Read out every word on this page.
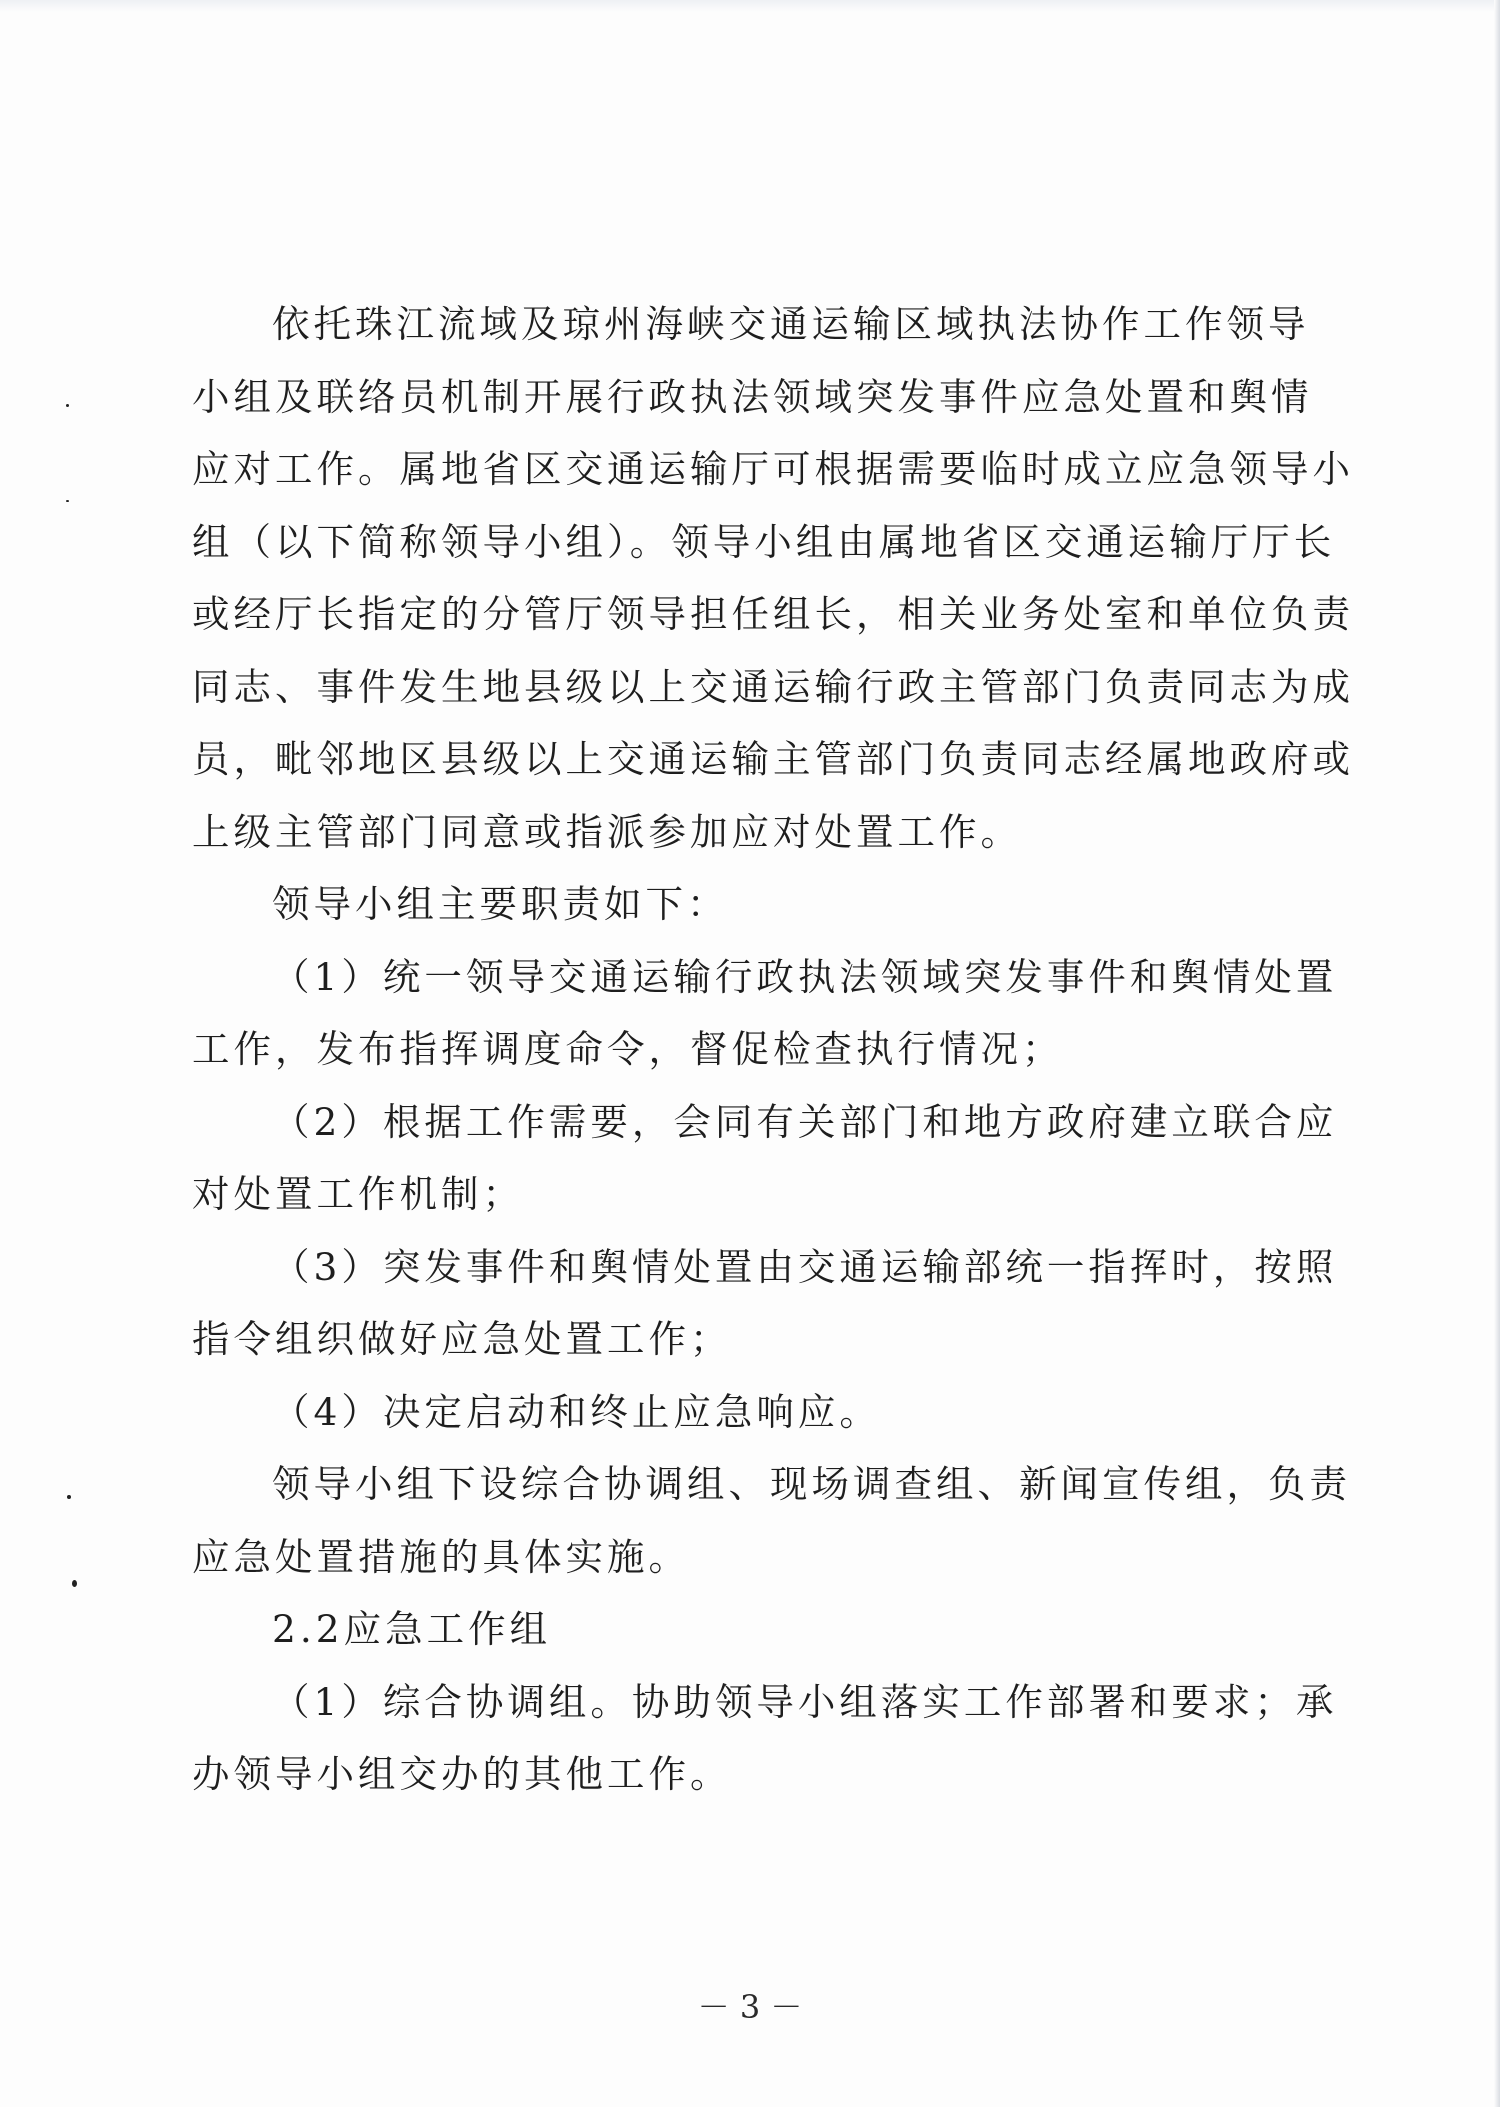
依托珠江流域及琼州海峡交通运输区域执法协作工作领导
小组及联络员机制开展行政执法领域突发事件应急处置和舆情
应对工作。属地省区交通运输厅可根据需要临时成立应急领导小
组（以下简称领导小组）。领导小组由属地省区交通运输厅厅长
或经厅长指定的分管厅领导担任组长，相关业务处室和单位负责
同志、事件发生地县级以上交通运输行政主管部门负责同志为成
员，毗邻地区县级以上交通运输主管部门负责同志经属地政府或
上级主管部门同意或指派参加应对处置工作。
领导小组主要职责如下：
（1）统一领导交通运输行政执法领域突发事件和舆情处置
工作，发布指挥调度命令，督促检查执行情况；
（2）根据工作需要，会同有关部门和地方政府建立联合应
对处置工作机制；
（3）突发事件和舆情处置由交通运输部统一指挥时，按照
指令组织做好应急处置工作；
（4）决定启动和终止应急响应。
领导小组下设综合协调组、现场调查组、新闻宣传组，负责
应急处置措施的具体实施。
2.2应急工作组
（1）综合协调组。协助领导小组落实工作部署和要求；承
办领导小组交办的其他工作。
－ 3 －
